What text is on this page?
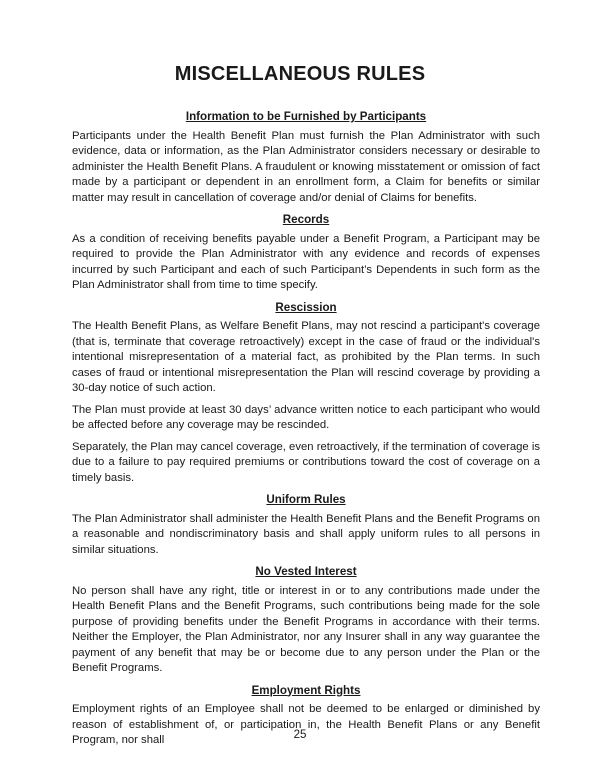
MISCELLANEOUS RULES
Information to be Furnished by Participants

Participants under the Health Benefit Plan must furnish the Plan Administrator with such evidence, data or information, as the Plan Administrator considers necessary or desirable to administer the Health Benefit Plans. A fraudulent or knowing misstatement or omission of fact made by a participant or dependent in an enrollment form, a Claim for benefits or similar matter may result in cancellation of coverage and/or denial of Claims for benefits.

Records

As a condition of receiving benefits payable under a Benefit Program, a Participant may be required to provide the Plan Administrator with any evidence and records of expenses incurred by such Participant and each of such Participant’s Dependents in such form as the Plan Administrator shall from time to time specify.

Rescission

The Health Benefit Plans, as Welfare Benefit Plans, may not rescind a participant's coverage (that is, terminate that coverage retroactively) except in the case of fraud or the individual's intentional misrepresentation of a material fact, as prohibited by the Plan terms. In such cases of fraud or intentional misrepresentation the Plan will rescind coverage by providing a 30-day notice of such action.

The Plan must provide at least 30 days’ advance written notice to each participant who would be affected before any coverage may be rescinded.

Separately, the Plan may cancel coverage, even retroactively, if the termination of coverage is due to a failure to pay required premiums or contributions toward the cost of coverage on a timely basis.

Uniform Rules

The Plan Administrator shall administer the Health Benefit Plans and the Benefit Programs on a reasonable and nondiscriminatory basis and shall apply uniform rules to all persons in similar situations.

No Vested Interest

No person shall have any right, title or interest in or to any contributions made under the Health Benefit Plans and the Benefit Programs, such contributions being made for the sole purpose of providing benefits under the Benefit Programs in accordance with their terms. Neither the Employer, the Plan Administrator, nor any Insurer shall in any way guarantee the payment of any benefit that may be or become due to any person under the Plan or the Benefit Programs.

Employment Rights

Employment rights of an Employee shall not be deemed to be enlarged or diminished by reason of establishment of, or participation in, the Health Benefit Plans or any Benefit Program, nor shall	25
